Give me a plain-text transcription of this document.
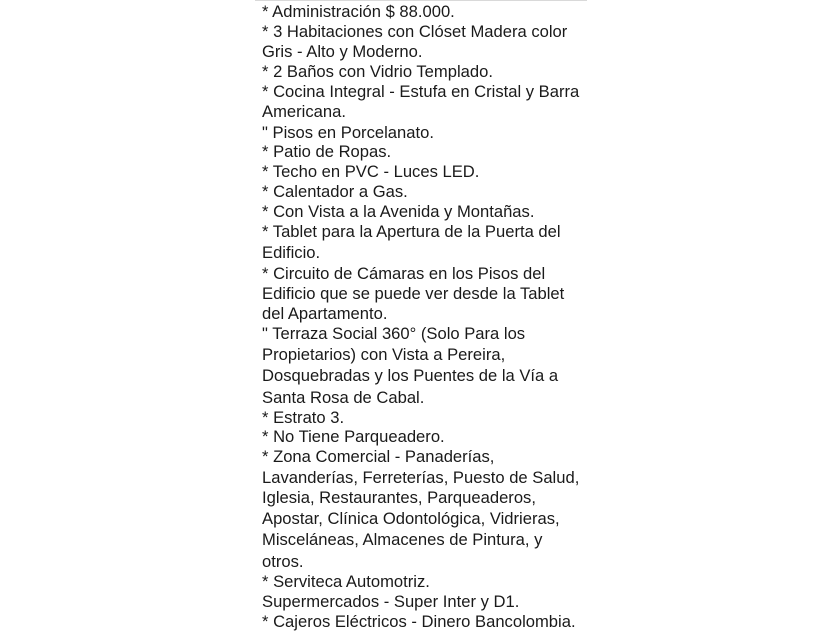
* Administración $ 88.000.
* 3 Habitaciones con Clóset Madera color
Gris - Alto y Moderno.
* 2 Baños con Vidrio Templado.
* Cocina Integral - Estufa en Cristal y Barra
Americana.
" Pisos en Porcelanato.
* Patio de Ropas.
* Techo en PVC - Luces LED.
* Calentador a Gas.
* Con Vista a la Avenida y Montañas.
* Tablet para la Apertura de la Puerta del
Edificio.
* Circuito de Cámaras en los Pisos del
Edificio que se puede ver desde la Tablet
del Apartamento.
" Terraza Social 360° (Solo Para los
Propietarios) con Vista a Pereira,
Dosquebradas y los Puentes de la Vía a
Santa Rosa de Cabal.
* Estrato 3.
* No Tiene Parqueadero.
* Zona Comercial - Panaderías,
Lavanderías, Ferreterías, Puesto de Salud,
Iglesia, Restaurantes, Parqueaderos,
Apostar, Clínica Odontológica, Vidrieras,
Misceláneas, Almacenes de Pintura, y
otros.
* Serviteca Automotriz.
Supermercados - Super Inter y D1.
* Cajeros Eléctricos - Dinero Bancolombia.
